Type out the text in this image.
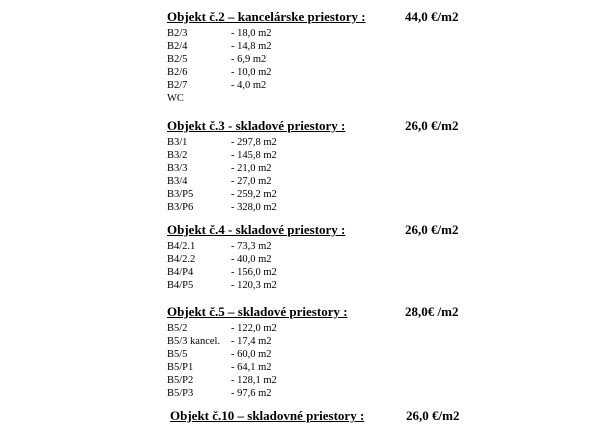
Objekt č.2 – kancelárske priestory :	44,0 €/m2
B2/3	- 18,0 m2
B2/4	- 14,8 m2
B2/5	- 6,9 m2
B2/6	- 10,0 m2
B2/7	- 4,0 m2
WC
Objekt č.3 - skladové priestory :	26,0 €/m2
B3/1	- 297,8 m2
B3/2	- 145,8 m2
B3/3	- 21,0 m2
B3/4	- 27,0 m2
B3/P5	- 259,2 m2
B3/P6	- 328,0 m2
Objekt č.4 - skladové priestory :	26,0 €/m2
B4/2.1	- 73,3 m2
B4/2.2	- 40,0 m2
B4/P4	- 156,0 m2
B4/P5	- 120,3 m2
Objekt č.5 – skladové priestory :	28,0€ /m2
B5/2	- 122,0 m2
B5/3 kancel. - 17,4 m2
B5/5	- 60,0 m2
B5/P1	- 64,1 m2
B5/P2	- 128,1 m2
B5/P3	- 97,6 m2
Objekt č.10 – skladovné priestory :	26,0 €/m2
